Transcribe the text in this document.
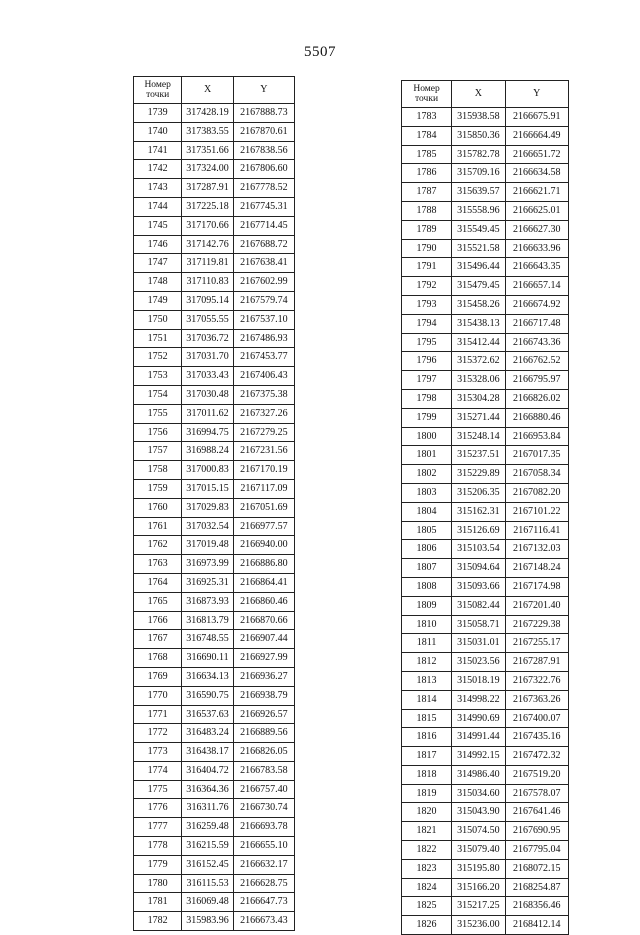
5507
Номер
точки	X	Y
1739	317428.19	2167888.73
1740	317383.55	2167870.61
1741	317351.66	2167838.56
1742	317324.00	2167806.60
1743	317287.91	2167778.52
1744	317225.18	2167745.31
1745	317170.66	2167714.45
1746	317142.76	2167688.72
1747	317119.81	2167638.41
1748	317110.83	2167602.99
1749	317095.14	2167579.74
1750	317055.55	2167537.10
1751	317036.72	2167486.93
1752	317031.70	2167453.77
1753	317033.43	2167406.43
1754	317030.48	2167375.38
1755	317011.62	2167327.26
1756	316994.75	2167279.25
1757	316988.24	2167231.56
1758	317000.83	2167170.19
1759	317015.15	2167117.09
1760	317029.83	2167051.69
1761	317032.54	2166977.57
1762	317019.48	2166940.00
1763	316973.99	2166886.80
1764	316925.31	2166864.41
1765	316873.93	2166860.46
1766	316813.79	2166870.66
1767	316748.55	2166907.44
1768	316690.11	2166927.99
1769	316634.13	2166936.27
1770	316590.75	2166938.79
1771	316537.63	2166926.57
1772	316483.24	2166889.56
1773	316438.17	2166826.05
1774	316404.72	2166783.58
1775	316364.36	2166757.40
1776	316311.76	2166730.74
1777	316259.48	2166693.78
1778	316215.59	2166655.10
1779	316152.45	2166632.17
1780	316115.53	2166628.75
1781	316069.48	2166647.73
1782	315983.96	2166673.43
Номер
точки	X	Y
1783	315938.58	2166675.91
1784	315850.36	2166664.49
1785	315782.78	2166651.72
1786	315709.16	2166634.58
1787	315639.57	2166621.71
1788	315558.96	2166625.01
1789	315549.45	2166627.30
1790	315521.58	2166633.96
1791	315496.44	2166643.35
1792	315479.45	2166657.14
1793	315458.26	2166674.92
1794	315438.13	2166717.48
1795	315412.44	2166743.36
1796	315372.62	2166762.52
1797	315328.06	2166795.97
1798	315304.28	2166826.02
1799	315271.44	2166880.46
1800	315248.14	2166953.84
1801	315237.51	2167017.35
1802	315229.89	2167058.34
1803	315206.35	2167082.20
1804	315162.31	2167101.22
1805	315126.69	2167116.41
1806	315103.54	2167132.03
1807	315094.64	2167148.24
1808	315093.66	2167174.98
1809	315082.44	2167201.40
1810	315058.71	2167229.38
1811	315031.01	2167255.17
1812	315023.56	2167287.91
1813	315018.19	2167322.76
1814	314998.22	2167363.26
1815	314990.69	2167400.07
1816	314991.44	2167435.16
1817	314992.15	2167472.32
1818	314986.40	2167519.20
1819	315034.60	2167578.07
1820	315043.90	2167641.46
1821	315074.50	2167690.95
1822	315079.40	2167795.04
1823	315195.80	2168072.15
1824	315166.20	2168254.87
1825	315217.25	2168356.46
1826	315236.00	2168412.14
